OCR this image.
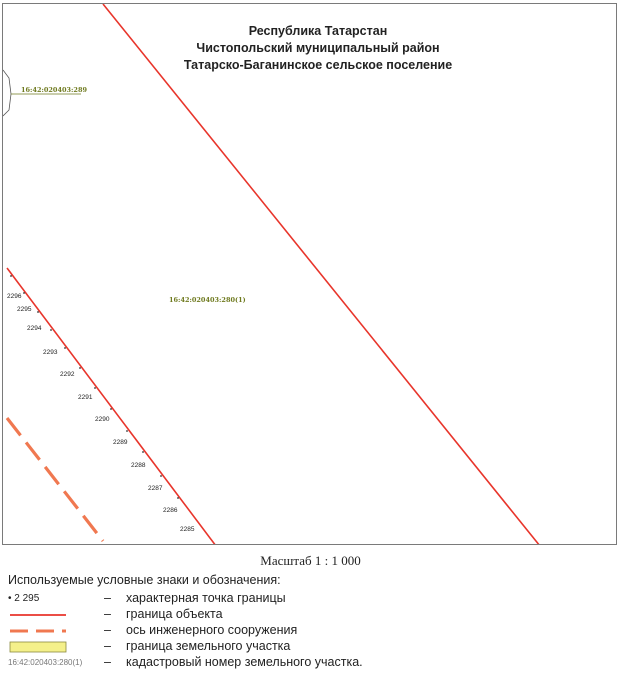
Республика Татарстан
Чистопольский муниципальный район
Татарско-Баганинское сельское поселение
16:42:020403:289
16:42:020403:280(1)
2296
2295
2294
2293
2292
2291
2290
2289
2288
2287
2286
2285
Масштаб 1 : 1 000
Используемые условные знаки и обозначения:
• 2 295	– характерная точка границы
– граница объекта
– ось инженерного сооружения
– граница земельного участка
16:42:020403:280(1) – кадастровый номер земельного участка.
